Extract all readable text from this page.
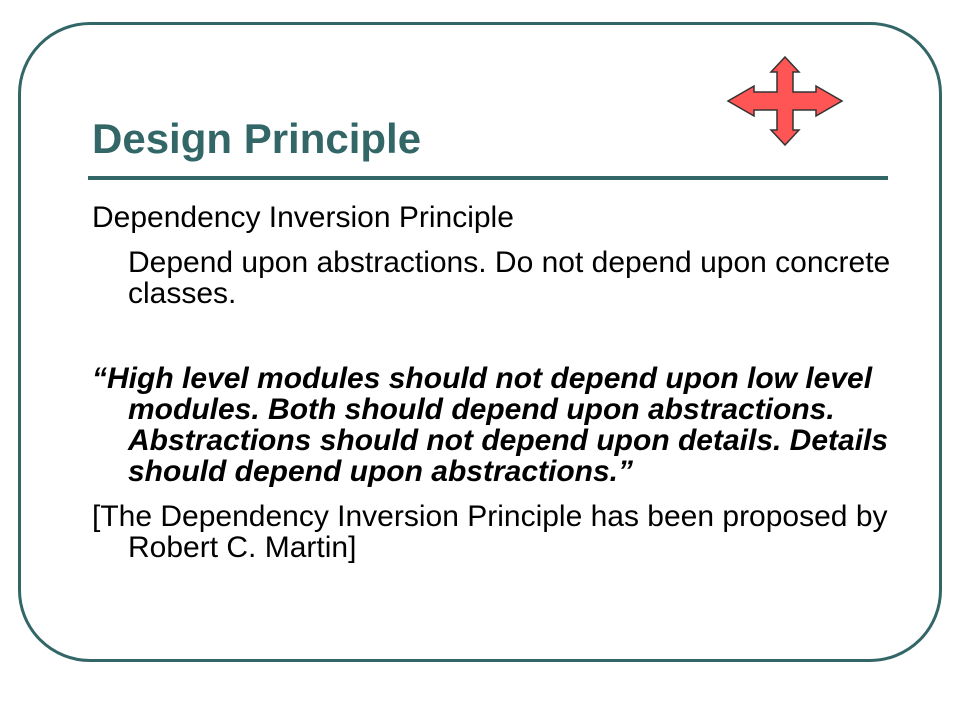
Design Principle

Dependency Inversion Principle

Depend upon abstractions. Do not depend upon concrete classes.

“High level modules should not depend upon low level modules. Both should depend upon abstractions. Abstractions should not depend upon details. Details should depend upon abstractions.”

[The Dependency Inversion Principle has been proposed by Robert C. Martin]
